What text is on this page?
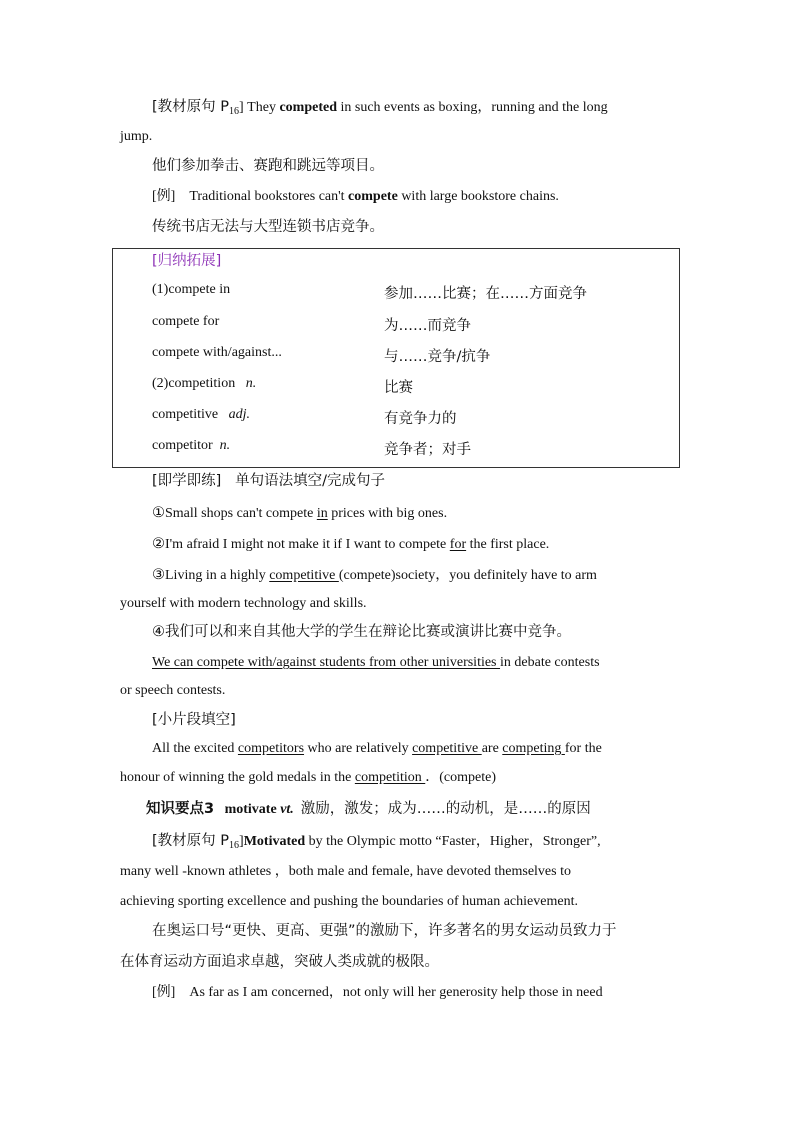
[教材原句 $P_{16}$] They competed in such events as boxing，running and the long
jump.
他们参加拳击、赛跑和跳远等项目。
[例] Traditional bookstores can't compete with large bookstore chains.
传统书店无法与大型连锁书店竞争。
[归纳拓展]
(1)compete in	参加……比赛；在……方面竞争
compete for	为……而竞争
compete with/against...	与……竞争/抗争
(2)competition n.	比赛
competitive adj.	有竞争力的
competitor n.	竞争者；对手
[即学即练] 单句语法填空/完成句子
①Small shops can't compete in prices with big ones.
②I'm afraid I might not make it if I want to compete for the first place.
③Living in a highly competitive (compete)society，you definitely have to arm
yourself with modern technology and skills.
④我们可以和来自其他大学的学生在辩论比赛或演讲比赛中竞争。
We can compete with/against students from other universities in debate contests
or speech contests.
[小片段填空]
All the excited competitors who are relatively competitive are competing for the
honour of winning the gold medals in the competition ．(compete)
知识要点3 motivate vt. 激励，激发；成为……的动机，是……的原因
[教材原句 $P_{16}]Motivated$ by the Olympic motto “Faster，Higher，Stronger”,
many well -known athletes ，both male and female, have devoted themselves to
achieving sporting excellence and pushing the boundaries of human achievement.
在奥运口号“更快、更高、更强”的激励下，许多著名的男女运动员致力于
在体育运动方面追求卓越，突破人类成就的极限。
[例] As far as I am concerned，not only will her generosity help those in need
